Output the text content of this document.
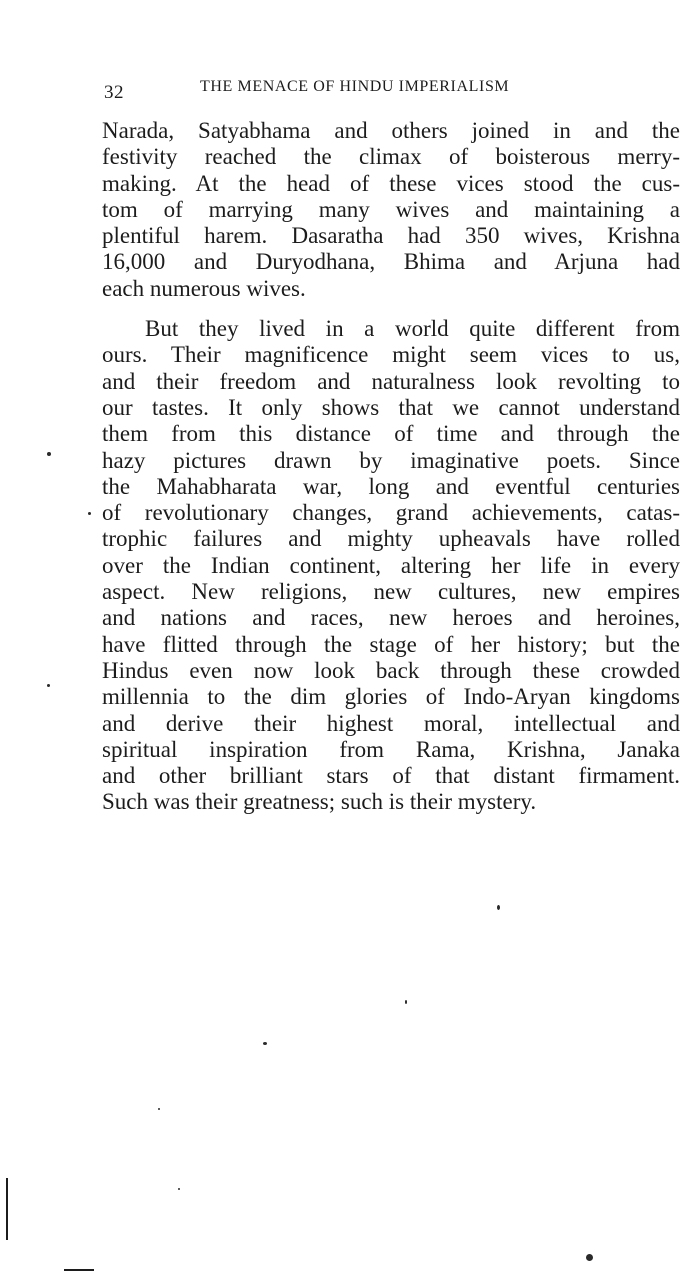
32	THE MENACE OF HINDU IMPERIALISM
Narada, Satyabhama and others joined in and the
festivity reached the climax of boisterous merry-
making. At the head of these vices stood the cus-
tom of marrying many wives and maintaining a
plentiful harem. Dasaratha had 350 wives, Krishna
16,000 and Duryodhana, Bhima and Arjuna had
each numerous wives.
But they lived in a world quite different from
ours. Their magnificence might seem vices to us,
and their freedom and naturalness look revolting to
our tastes. It only shows that we cannot understand
them from this distance of time and through the
hazy pictures drawn by imaginative poets. Since
the Mahabharata war, long and eventful centuries
of revolutionary changes, grand achievements, catas-
trophic failures and mighty upheavals have rolled
over the Indian continent, altering her life in every
aspect. New religions, new cultures, new empires
and nations and races, new heroes and heroines,
have flitted through the stage of her history; but the
Hindus even now look back through these crowded
millennia to the dim glories of Indo-Aryan kingdoms
and derive their highest moral, intellectual and
spiritual inspiration from Rama, Krishna, Janaka
and other brilliant stars of that distant firmament.
Such was their greatness; such is their mystery.
